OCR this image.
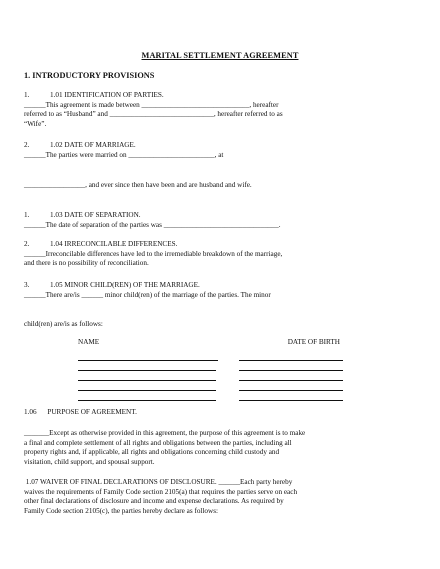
MARITAL SETTLEMENT AGREEMENT
1. INTRODUCTORY PROVISIONS

1.	1.01 IDENTIFICATION OF PARTIES.

______This agreement is made between ______________________________, hereafter

referred to as “Husband” and _____________________________, hereafter referred to as

“Wife”.

2.	1.02 DATE OF MARRIAGE.

______The parties were married on ________________________, at

_________________, and ever since then have been and are husband and wife.

1.	1.03 DATE OF SEPARATION.

______The date of separation of the parties was ________________________________.

2.	1.04 IRRECONCILABLE DIFFERENCES.

______Irreconcilable differences have led to the irremediable breakdown of the marriage,

and there is no possibility of reconciliation.

3.	1.05 MINOR CHILD(REN) OF THE MARRIAGE.

______There are/is ______ minor child(ren) of the marriage of the parties. The minor

child(ren) are/is as follows:

NAME	DATE OF BIRTH

1.06      PURPOSE OF AGREEMENT.

_______Except as otherwise provided in this agreement, the purpose of this agreement is to make

a final and complete settlement of all rights and obligations between the parties, including all

property rights and, if applicable, all rights and obligations concerning child custody and

visitation, child support, and spousal support.

1.07 WAIVER OF FINAL DECLARATIONS OF DISCLOSURE. ______Each party hereby

waives the requirements of Family Code section 2105(a) that requires the parties serve on each

other final declarations of disclosure and income and expense declarations. As required by

Family Code section 2105(c), the parties hereby declare as follows:
